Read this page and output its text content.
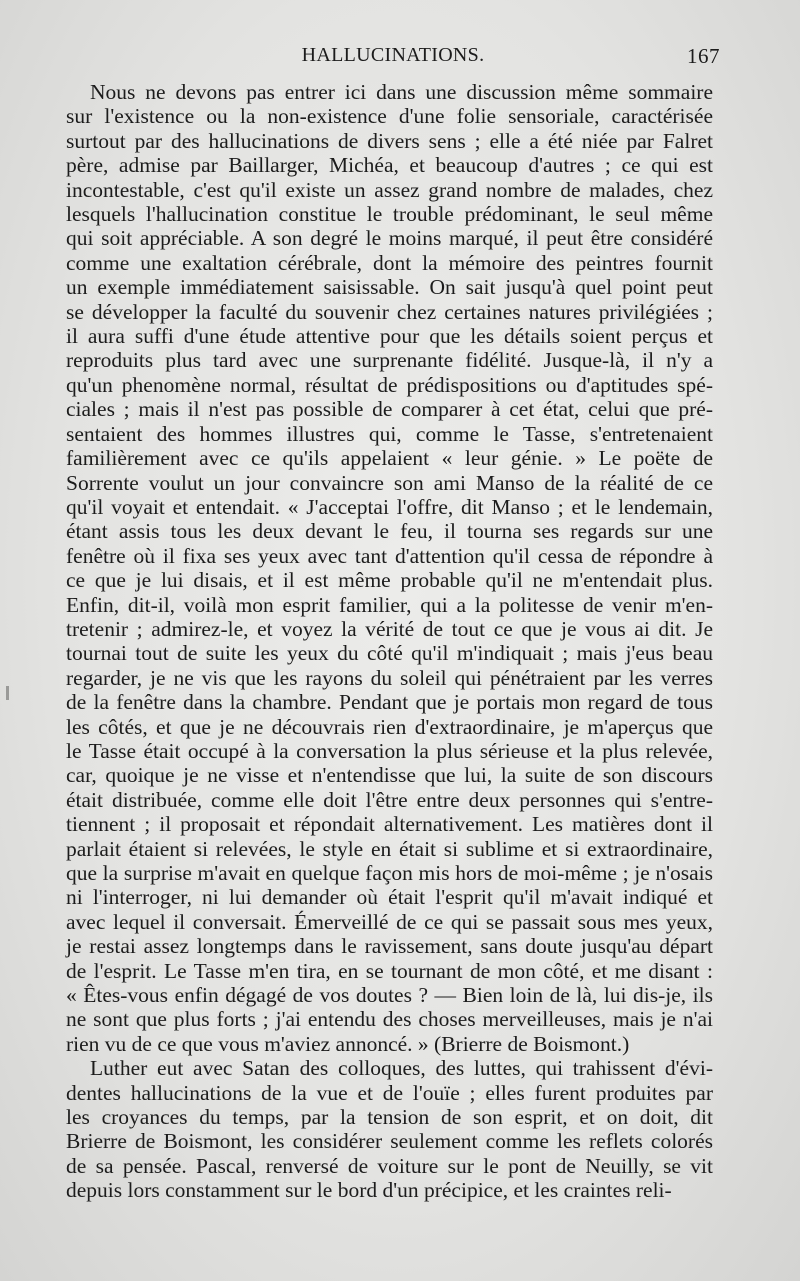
HALLUCINATIONS.	167

Nous ne devons pas entrer ici dans une discussion même sommaire
sur l'existence ou la non-existence d'une folie sensoriale, caractérisée
surtout par des hallucinations de divers sens ; elle a été niée par Falret
père, admise par Baillarger, Michéa, et beaucoup d'autres ; ce qui est
incontestable, c'est qu'il existe un assez grand nombre de malades, chez
lesquels l'hallucination constitue le trouble prédominant, le seul même
qui soit appréciable. A son degré le moins marqué, il peut être considéré
comme une exaltation cérébrale, dont la mémoire des peintres fournit
un exemple immédiatement saisissable. On sait jusqu'à quel point peut
se développer la faculté du souvenir chez certaines natures privilégiées ;
il aura suffi d'une étude attentive pour que les détails soient perçus et
reproduits plus tard avec une surprenante fidélité. Jusque-là, il n'y a
qu'un phenomène normal, résultat de prédispositions ou d'aptitudes spé-
ciales ; mais il n'est pas possible de comparer à cet état, celui que pré-
sentaient des hommes illustres qui, comme le Tasse, s'entretenaient
familièrement avec ce qu'ils appelaient « leur génie. » Le poëte de
Sorrente voulut un jour convaincre son ami Manso de la réalité de ce
qu'il voyait et entendait. « J'acceptai l'offre, dit Manso ; et le lendemain,
étant assis tous les deux devant le feu, il tourna ses regards sur une
fenêtre où il fixa ses yeux avec tant d'attention qu'il cessa de répondre à
ce que je lui disais, et il est même probable qu'il ne m'entendait plus.
Enfin, dit-il, voilà mon esprit familier, qui a la politesse de venir m'en-
tretenir ; admirez-le, et voyez la vérité de tout ce que je vous ai dit. Je
tournai tout de suite les yeux du côté qu'il m'indiquait ; mais j'eus beau
regarder, je ne vis que les rayons du soleil qui pénétraient par les verres
de la fenêtre dans la chambre. Pendant que je portais mon regard de tous
les côtés, et que je ne découvrais rien d'extraordinaire, je m'aperçus que
le Tasse était occupé à la conversation la plus sérieuse et la plus relevée,
car, quoique je ne visse et n'entendisse que lui, la suite de son discours
était distribuée, comme elle doit l'être entre deux personnes qui s'entre-
tiennent ; il proposait et répondait alternativement. Les matières dont il
parlait étaient si relevées, le style en était si sublime et si extraordinaire,
que la surprise m'avait en quelque façon mis hors de moi-même ; je n'osais
ni l'interroger, ni lui demander où était l'esprit qu'il m'avait indiqué et
avec lequel il conversait. Émerveillé de ce qui se passait sous mes yeux,
je restai assez longtemps dans le ravissement, sans doute jusqu'au départ
de l'esprit. Le Tasse m'en tira, en se tournant de mon côté, et me disant :
« Êtes-vous enfin dégagé de vos doutes ? — Bien loin de là, lui dis-je, ils
ne sont que plus forts ; j'ai entendu des choses merveilleuses, mais je n'ai
rien vu de ce que vous m'aviez annoncé. » (Brierre de Boismont.)

Luther eut avec Satan des colloques, des luttes, qui trahissent d'évi-
dentes hallucinations de la vue et de l'ouïe ; elles furent produites par
les croyances du temps, par la tension de son esprit, et on doit, dit
Brierre de Boismont, les considérer seulement comme les reflets colorés
de sa pensée. Pascal, renversé de voiture sur le pont de Neuilly, se vit
depuis lors constamment sur le bord d'un précipice, et les craintes reli-
